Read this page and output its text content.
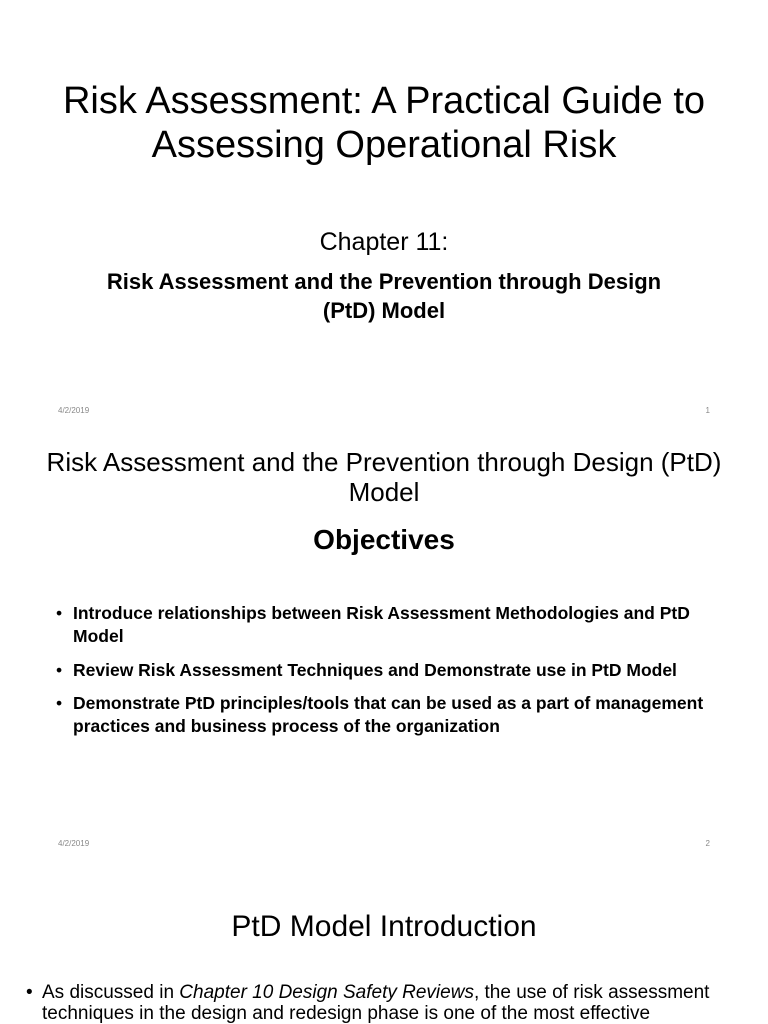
Risk Assessment: A Practical Guide to Assessing Operational Risk
Chapter 11:
Risk Assessment and the Prevention through Design (PtD) Model
4/2/2019	1
Risk Assessment and the Prevention through Design (PtD) Model
Objectives
• Introduce relationships between Risk Assessment Methodologies and PtD Model
• Review Risk Assessment Techniques and Demonstrate use in PtD Model
• Demonstrate PtD principles/tools that can be used as a part of management practices and business process of the organization
4/2/2019	2
PtD Model Introduction
• As discussed in Chapter 10 Design Safety Reviews, the use of risk assessment
techniques in the design and redesign phase is one of the most effective
